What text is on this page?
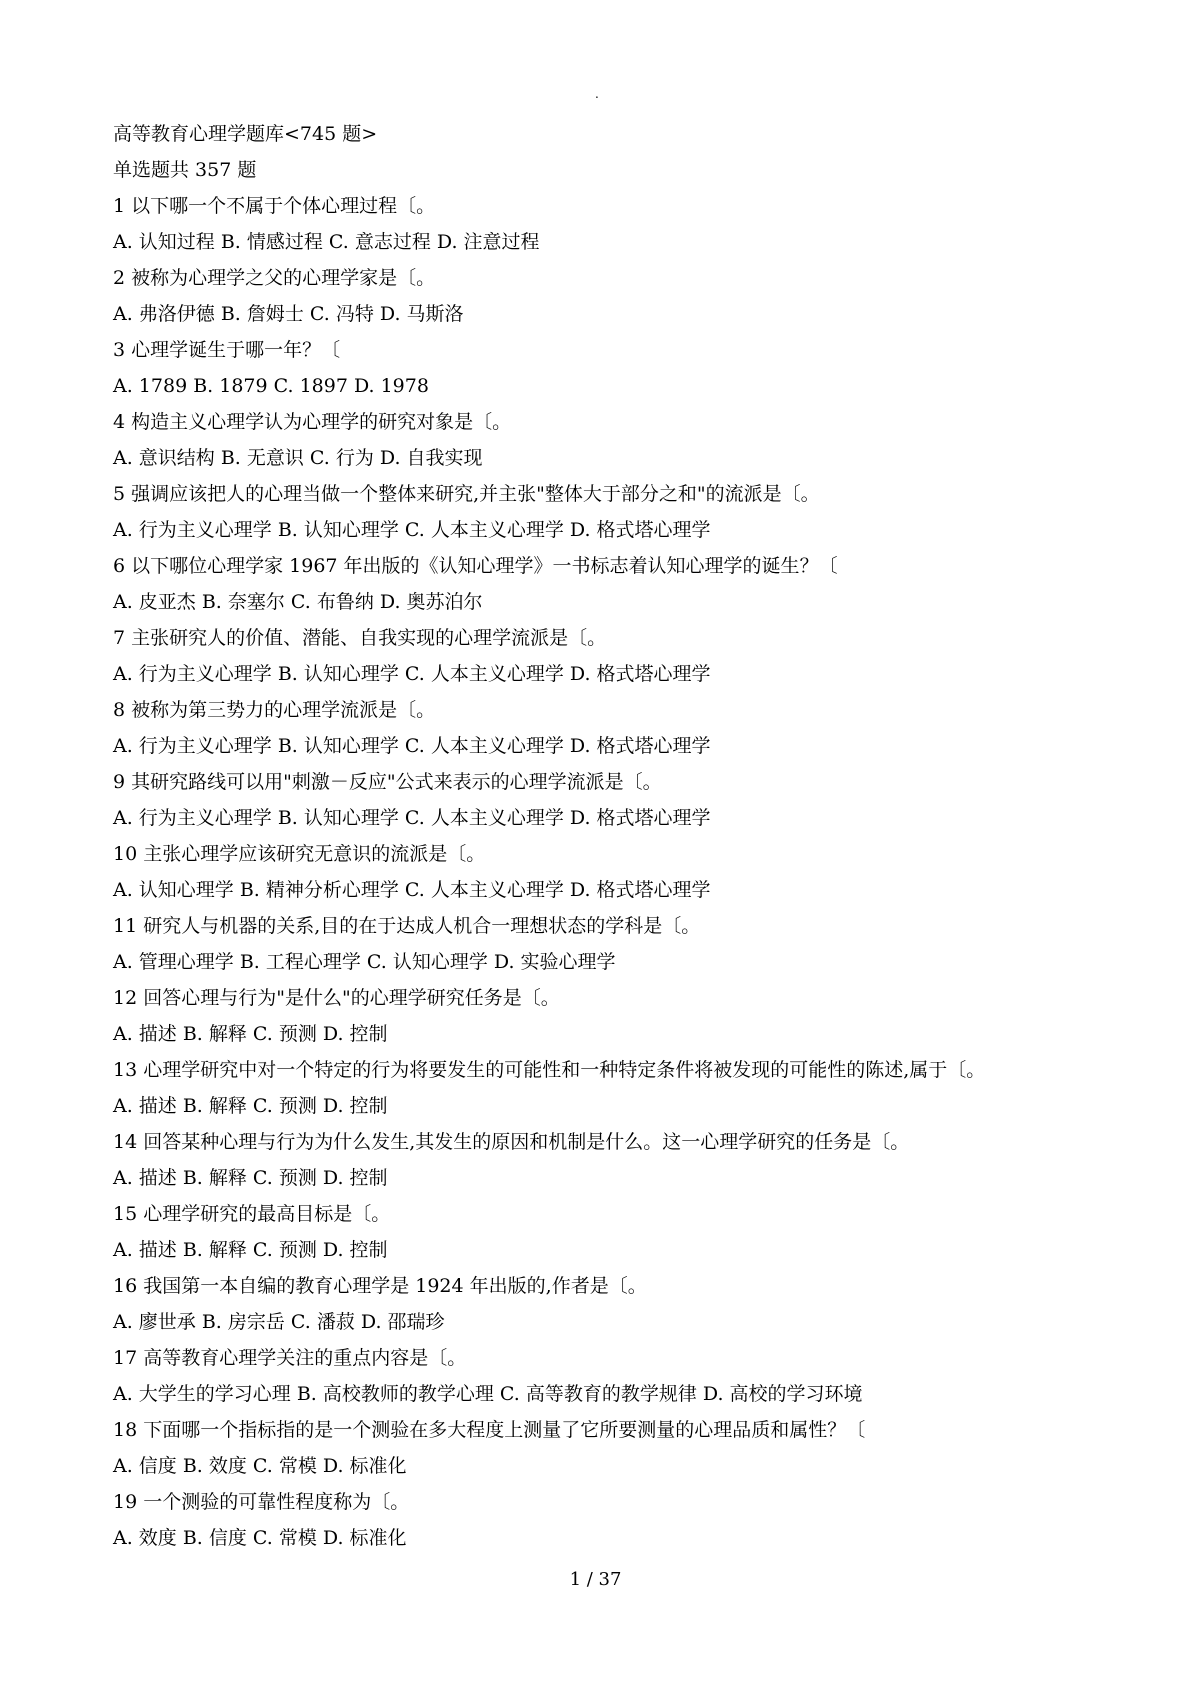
.
高等教育心理学题库<745 题>
单选题共 357 题
1 以下哪一个不属于个体心理过程〔。
A. 认知过程 B. 情感过程 C. 意志过程 D. 注意过程
2 被称为心理学之父的心理学家是〔。
A. 弗洛伊德 B. 詹姆士 C. 冯特 D. 马斯洛
3 心理学诞生于哪一年？〔
A. 1789 B. 1879 C. 1897 D. 1978
4 构造主义心理学认为心理学的研究对象是〔。
A. 意识结构 B. 无意识 C. 行为 D. 自我实现
5 强调应该把人的心理当做一个整体来研究,并主张"整体大于部分之和"的流派是〔。
A. 行为主义心理学 B. 认知心理学 C. 人本主义心理学 D. 格式塔心理学
6 以下哪位心理学家 1967 年出版的《认知心理学》一书标志着认知心理学的诞生？〔
A. 皮亚杰 B. 奈塞尔 C. 布鲁纳 D. 奥苏泊尔
7 主张研究人的价值、潜能、自我实现的心理学流派是〔。
A. 行为主义心理学 B. 认知心理学 C. 人本主义心理学 D. 格式塔心理学
8 被称为第三势力的心理学流派是〔。
A. 行为主义心理学 B. 认知心理学 C. 人本主义心理学 D. 格式塔心理学
9 其研究路线可以用"刺激－反应"公式来表示的心理学流派是〔。
A. 行为主义心理学 B. 认知心理学 C. 人本主义心理学 D. 格式塔心理学
10 主张心理学应该研究无意识的流派是〔。
A. 认知心理学 B. 精神分析心理学 C. 人本主义心理学 D. 格式塔心理学
11 研究人与机器的关系,目的在于达成人机合一理想状态的学科是〔。
A. 管理心理学 B. 工程心理学 C. 认知心理学 D. 实验心理学
12 回答心理与行为"是什么"的心理学研究任务是〔。
A. 描述 B. 解释 C. 预测 D. 控制
13 心理学研究中对一个特定的行为将要发生的可能性和一种特定条件将被发现的可能性的陈述,属于〔。
A. 描述 B. 解释 C. 预测 D. 控制
14 回答某种心理与行为为什么发生,其发生的原因和机制是什么。这一心理学研究的任务是〔。
A. 描述 B. 解释 C. 预测 D. 控制
15 心理学研究的最高目标是〔。
A. 描述 B. 解释 C. 预测 D. 控制
16 我国第一本自编的教育心理学是 1924 年出版的,作者是〔。
A. 廖世承 B. 房宗岳 C. 潘菽 D. 邵瑞珍
17 高等教育心理学关注的重点内容是〔。
A. 大学生的学习心理 B. 高校教师的教学心理 C. 高等教育的教学规律 D. 高校的学习环境
18 下面哪一个指标指的是一个测验在多大程度上测量了它所要测量的心理品质和属性？〔
A. 信度 B. 效度 C. 常模 D. 标准化
19 一个测验的可靠性程度称为〔。
A. 效度 B. 信度 C. 常模 D. 标准化
1 / 37
